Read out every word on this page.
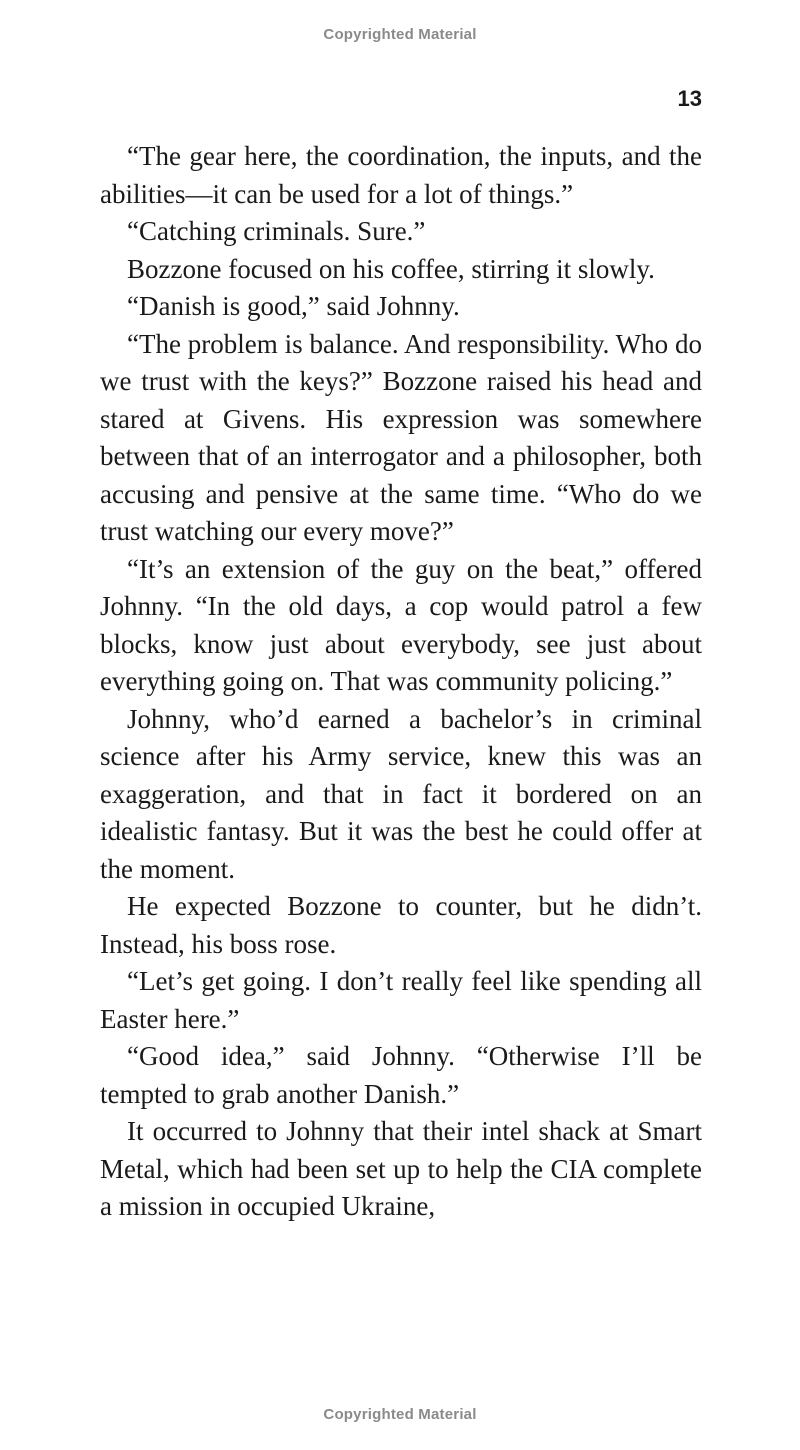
Copyrighted Material
13

“The gear here, the coordination, the inputs, and the abilities—it can be used for a lot of things.”

“Catching criminals. Sure.”

Bozzone focused on his coffee, stirring it slowly.

“Danish is good,” said Johnny.

“The problem is balance. And responsibility. Who do we trust with the keys?” Bozzone raised his head and stared at Givens. His expression was somewhere between that of an interrogator and a philosopher, both accusing and pensive at the same time. “Who do we trust watching our every move?”

“It’s an extension of the guy on the beat,” offered Johnny. “In the old days, a cop would patrol a few blocks, know just about everybody, see just about everything going on. That was community policing.”

Johnny, who’d earned a bachelor’s in criminal science after his Army service, knew this was an exaggeration, and that in fact it bordered on an idealistic fantasy. But it was the best he could offer at the moment.

He expected Bozzone to counter, but he didn’t. Instead, his boss rose.

“Let’s get going. I don’t really feel like spending all Easter here.”

“Good idea,” said Johnny. “Otherwise I’ll be tempted to grab another Danish.”

It occurred to Johnny that their intel shack at Smart Metal, which had been set up to help the CIA complete a mission in occupied Ukraine,

Copyrighted Material
